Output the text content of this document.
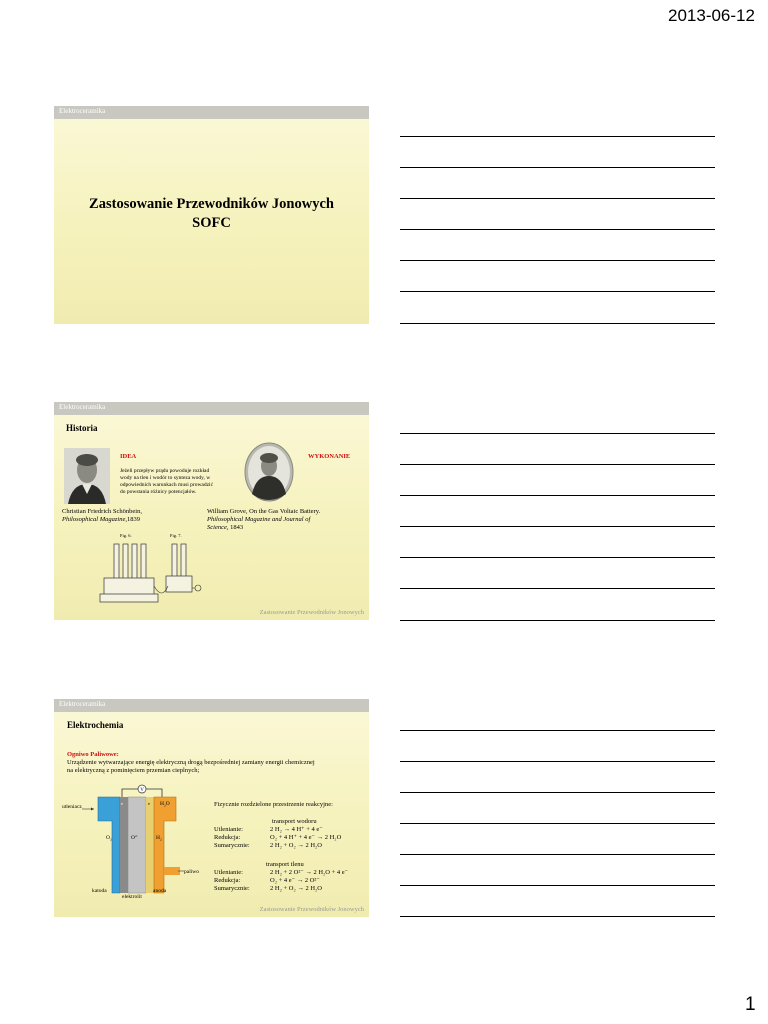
2013-06-12
Elektroceramika
Zastosowanie Przewodników Jonowych
SOFC
Elektroceramika
Historia
IDEA
Jeżeli przepływ prądu powoduje rozkład
wody na tlen i wodór to synteza wody, w
odpowiednich warunkach musi prowadzić
do powstania różnicy potencjałów.
WYKONANIE
Christian Friedrich Schönbein,
Philosophical Magazine,1839
William Grove, On the Gas Voltaic Battery.
Philosophical Magazine and Journal of
Science, 1843
Fig. 6.	Fig. 7.
Zastosowanie Przewodników Jonowych
Elektroceramika
Elektrochemia
Ogniwo Paliwowe:
Urządzenie wytwarzające energię elektryczną drogą bezpośredniej zamiany energii chemicznej
na elektryczną z pominięciem przemian cieplnych;
V
utleniacz
$O_2$	$O^{2-}$	$H_2$
$H_2O$
e	e
katoda
elektrolit
anoda
paliwo
Fizycznie rozdzielone przestrzenie reakcyjne:
transport wodoru
Utlenianie:	2 H₂ → 4 H⁺ + 4 e⁻
Redukcja:	O₂ + 4 H⁺ + 4 e⁻ → 2 H₂O
Sumarycznie:	2 H₂ + O₂ → 2 H₂O
transport tlenu
Utlenianie:	2 H₂ + 2 O²⁻ → 2 H₂O + 4 e⁻
Redukcja:	O₂ + 4 e⁻ → 2 O²⁻
Sumarycznie:	2 H₂ + O₂ → 2 H₂O
Zastosowanie Przewodników Jonowych
1
